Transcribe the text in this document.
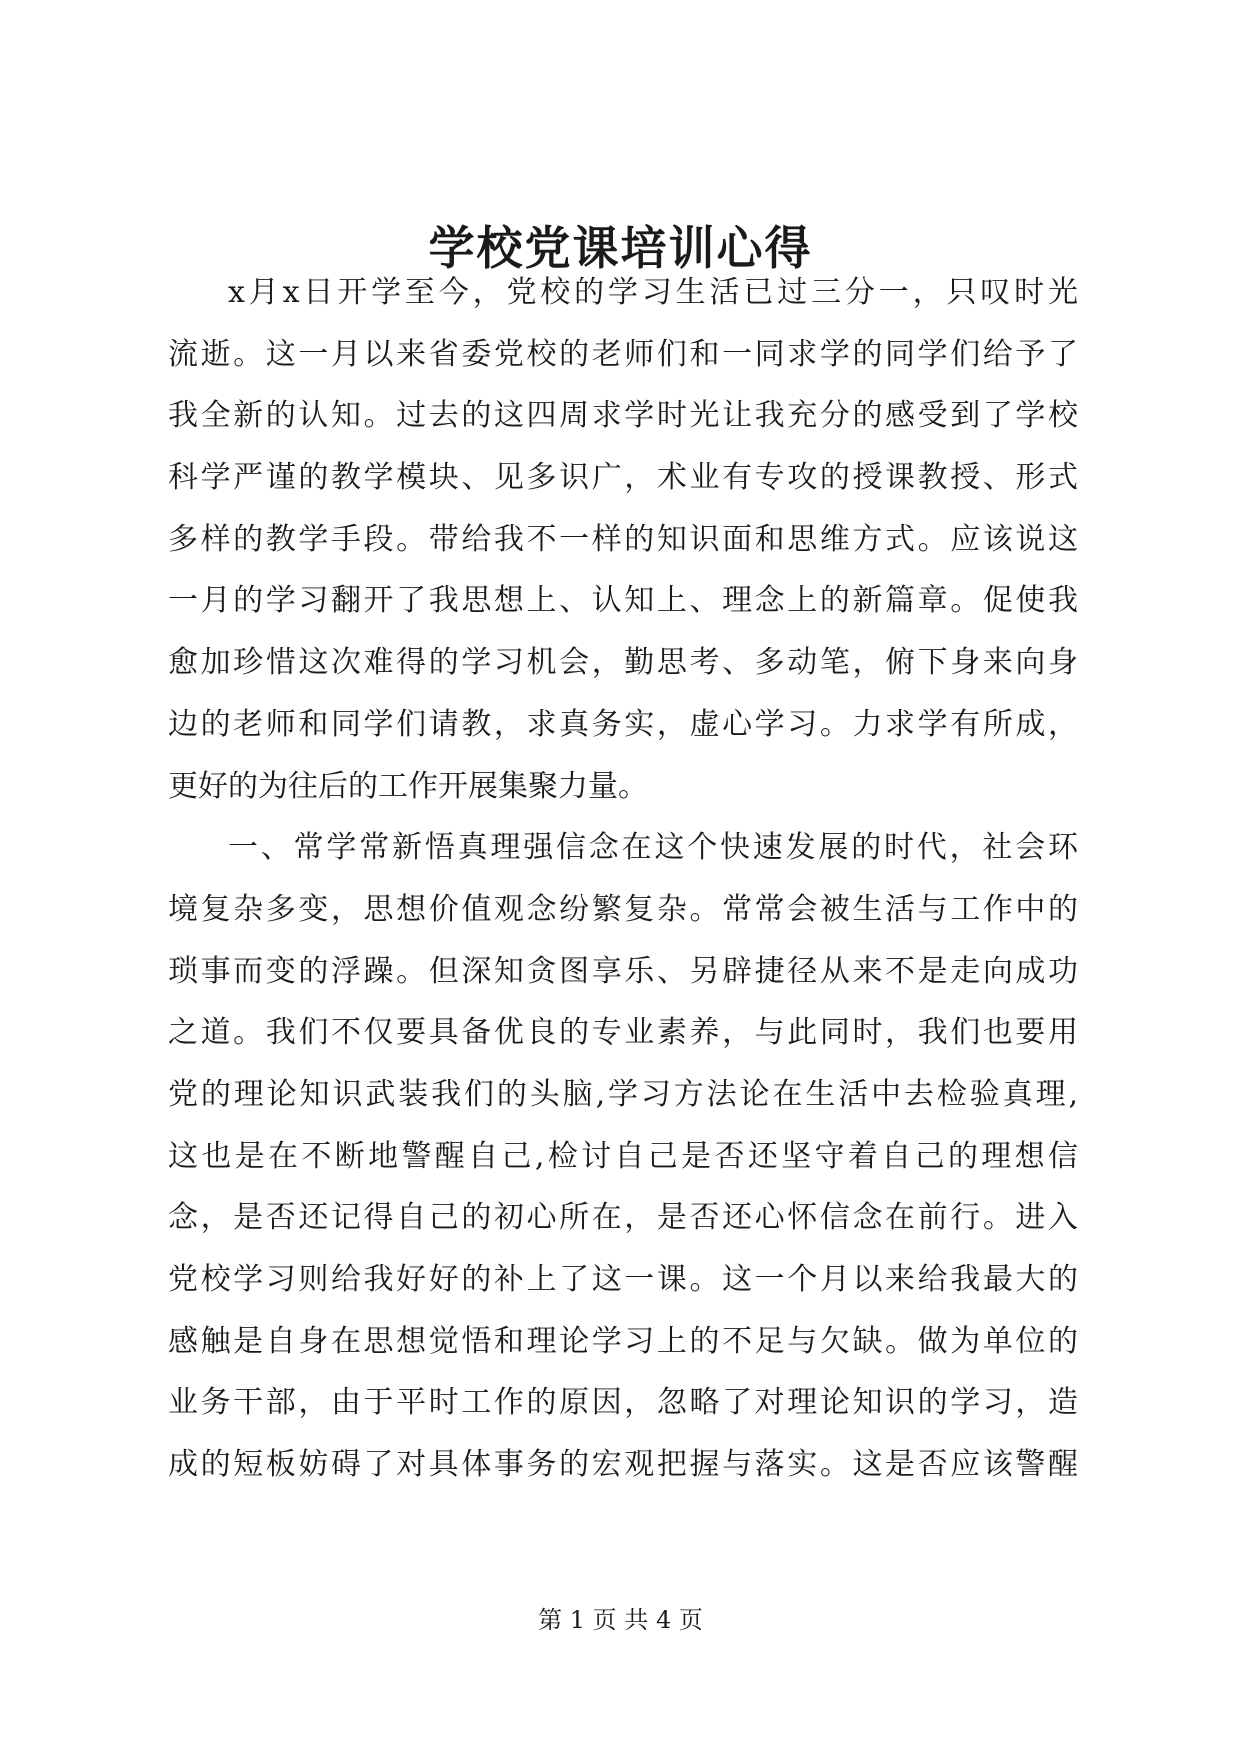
学校党课培训心得
x月x日开学至今，党校的学习生活已过三分一，只叹时光
流逝。这一月以来省委党校的老师们和一同求学的同学们给予了
我全新的认知。过去的这四周求学时光让我充分的感受到了学校
科学严谨的教学模块、见多识广，术业有专攻的授课教授、形式
多样的教学手段。带给我不一样的知识面和思维方式。应该说这
一月的学习翻开了我思想上、认知上、理念上的新篇章。促使我
愈加珍惜这次难得的学习机会，勤思考、多动笔，俯下身来向身
边的老师和同学们请教，求真务实，虚心学习。力求学有所成，
更好的为往后的工作开展集聚力量。
一、常学常新悟真理强信念在这个快速发展的时代，社会环
境复杂多变，思想价值观念纷繁复杂。常常会被生活与工作中的
琐事而变的浮躁。但深知贪图享乐、另辟捷径从来不是走向成功
之道。我们不仅要具备优良的专业素养，与此同时，我们也要用
党的理论知识武装我们的头脑,学习方法论在生活中去检验真理,
这也是在不断地警醒自己,检讨自己是否还坚守着自己的理想信
念，是否还记得自己的初心所在，是否还心怀信念在前行。进入
党校学习则给我好好的补上了这一课。这一个月以来给我最大的
感触是自身在思想觉悟和理论学习上的不足与欠缺。做为单位的
业务干部，由于平时工作的原因，忽略了对理论知识的学习，造
成的短板妨碍了对具体事务的宏观把握与落实。这是否应该警醒
第 1 页 共 4 页
